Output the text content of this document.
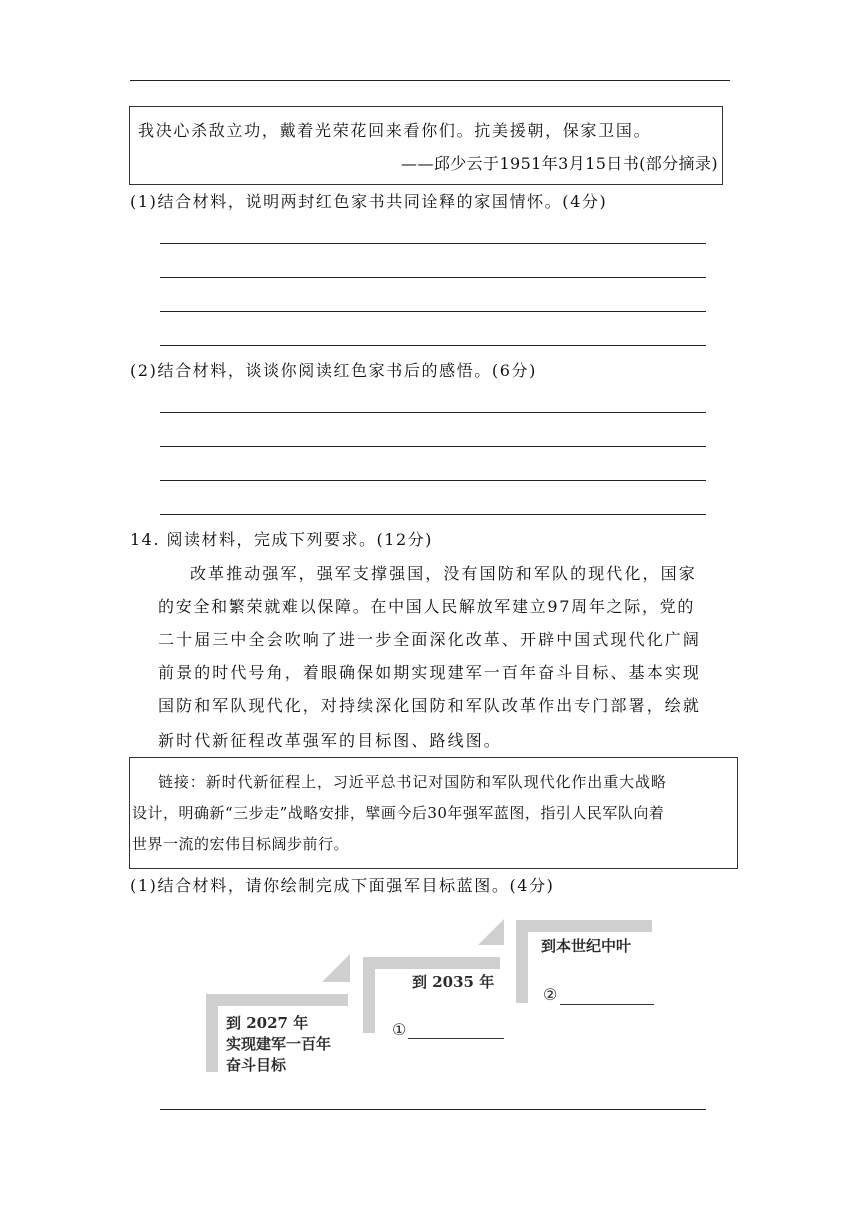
我决心杀敌立功，戴着光荣花回来看你们。抗美援朝，保家卫国。
——邱少云于1951年3月15日书(部分摘录)
(1)结合材料，说明两封红色家书共同诠释的家国情怀。(4分)
(2)结合材料，谈谈你阅读红色家书后的感悟。(6分)
14. 阅读材料，完成下列要求。(12分)
改革推动强军，强军支撑强国，没有国防和军队的现代化，国家
的安全和繁荣就难以保障。在中国人民解放军建立97周年之际，党的
二十届三中全会吹响了进一步全面深化改革、开辟中国式现代化广阔
前景的时代号角，着眼确保如期实现建军一百年奋斗目标、基本实现
国防和军队现代化，对持续深化国防和军队改革作出专门部署，绘就
新时代新征程改革强军的目标图、路线图。
链接：新时代新征程上，习近平总书记对国防和军队现代化作出重大战略
设计，明确新“三步走”战略安排，擘画今后30年强军蓝图，指引人民军队向着
世界一流的宏伟目标阔步前行。
(1)结合材料，请你绘制完成下面强军目标蓝图。(4分)
到 2027 年
实现建军一百年
奋斗目标
到 2035 年
①
到本世纪中叶
②
